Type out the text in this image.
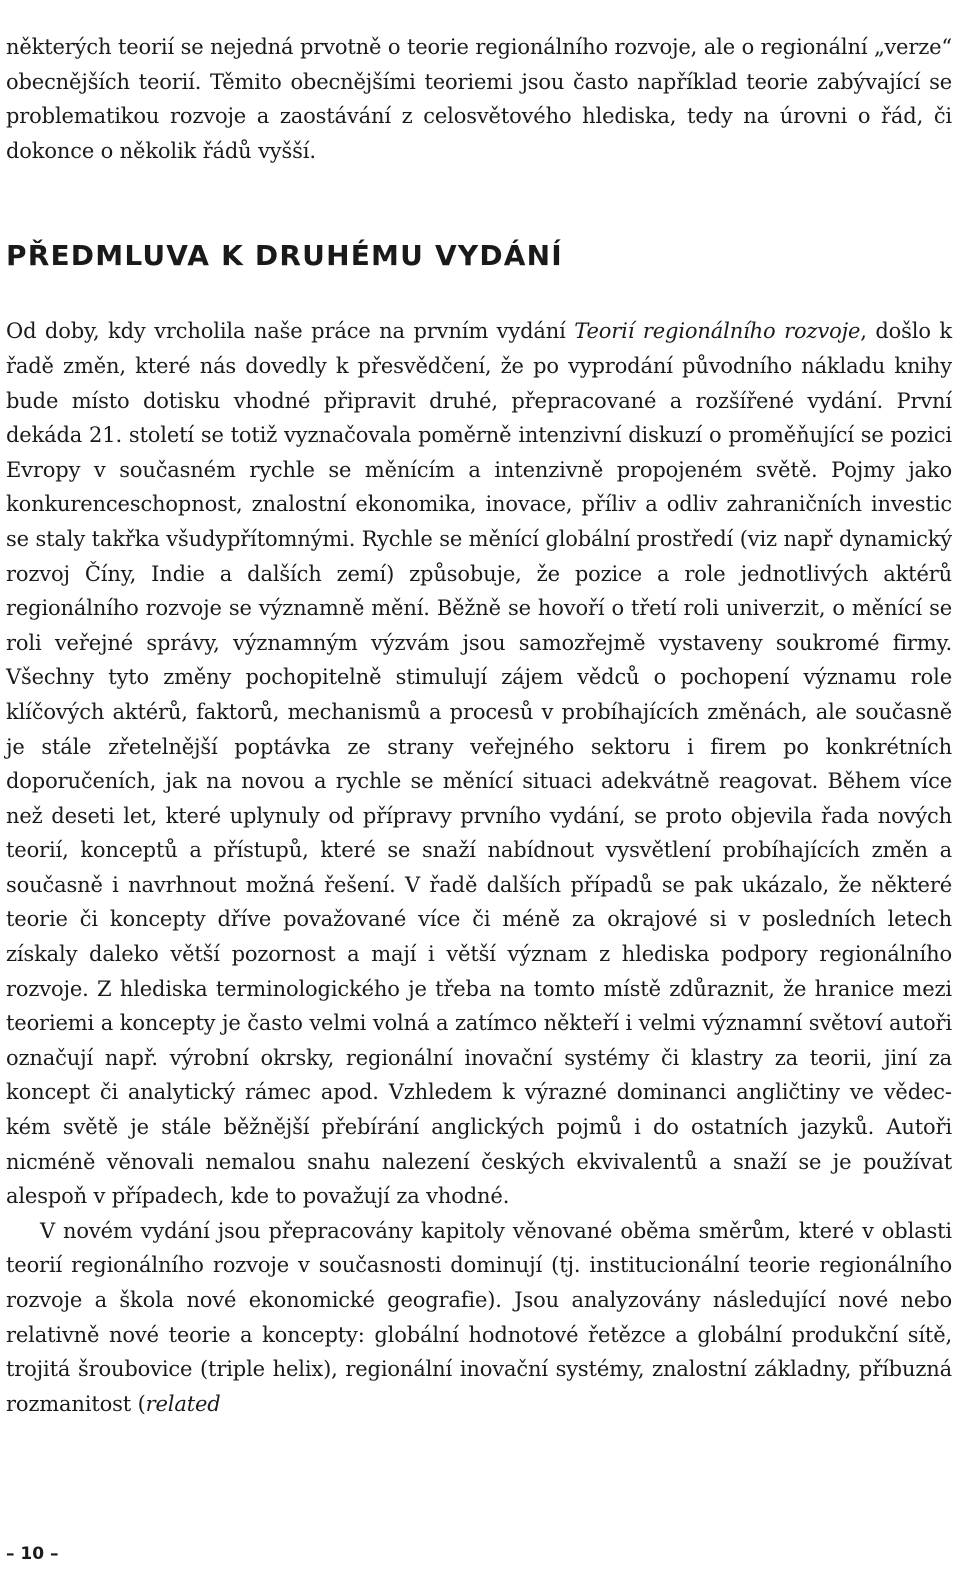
některých teorií se nejedná prvotně o teorie regionálního rozvoje, ale o regionální „verze“ obecnějších teorií. Těmito obecnějšími teoriemi jsou často například teorie zabývající se problematikou rozvoje a zaostávání z celosvětového hlediska, tedy na úrovni o řád, či dokonce o několik řádů vyšší.

PŘEDMLUVA K DRUHÉMU VYDÁNÍ

Od doby, kdy vrcholila naše práce na prvním vydání Teorií regionálního rozvoje, došlo k řadě změn, které nás dovedly k přesvědčení, že po vyprodání původního nákladu knihy bude místo dotisku vhodné připravit druhé, přepracované a rozšířené vydání. První dekáda 21. století se totiž vyznačovala poměrně intenzivní diskuzí o proměňující se pozici Evropy v současném rychle se měnícím a intenzivně propojeném světě. Pojmy jako konkurenceschopnost, znalostní ekonomika, inovace, příliv a odliv zahraničních investic se staly takřka všudypřítomnými. Rychle se měnící globální prostředí (viz např dynamický rozvoj Číny, Indie a dalších zemí) způsobuje, že pozice a role jednotlivých aktérů regionálního rozvoje se významně mění. Běžně se hovoří o třetí roli univerzit, o měnící se roli veřejné správy, významným výzvám jsou samozřejmě vystaveny soukromé firmy. Všechny tyto změny pochopitelně stimulují zájem vědců o pochopení významu role klíčových aktérů, faktorů, mechanismů a procesů v probíhajících změnách, ale současně je stále zřetelnější poptávka ze strany veřejného sektoru i firem po konkrétních doporučeních, jak na novou a rychle se měnící situaci adekvátně reagovat. Během více než deseti let, které uplynuly od přípravy prvního vydání, se proto objevila řada nových teorií, konceptů a přístupů, které se snaží nabídnout vysvětlení probíhajících změn a současně i navrhnout možná řešení. V řadě dalších případů se pak ukázalo, že některé teorie či koncepty dříve považované více či méně za okrajové si v posledních letech získaly daleko větší pozornost a mají i větší význam z hlediska podpory regionálního rozvoje. Z hlediska terminologického je třeba na tomto místě zdůraznit, že hranice mezi teoriemi a koncepty je často velmi volná a zatímco někteří i velmi významní světoví autoři označují např. výrobní okrsky, regionální inovační systémy či klastry za teorii, jiní za koncept či analytický rámec apod. Vzhledem k výrazné dominanci angličtiny ve vědeckém světě je stále běžnější přebírání anglických pojmů i do ostatních jazyků. Autoři nicméně věnovali nemalou snahu nalezení českých ekvivalentů a snaží se je používat alespoň v případech, kde to považují za vhodné.

V novém vydání jsou přepracovány kapitoly věnované oběma směrům, které v oblasti teorií regionálního rozvoje v současnosti dominují (tj. institucionální teorie regionálního rozvoje a škola nové ekonomické geografie). Jsou analyzovány následující nové nebo relativně nové teorie a koncepty: globální hodnotové řetězce a globální produkční sítě, trojitá šroubovice (triple helix), regionální inovační systémy, znalostní základny, příbuzná rozmanitost (related

– 10 –
